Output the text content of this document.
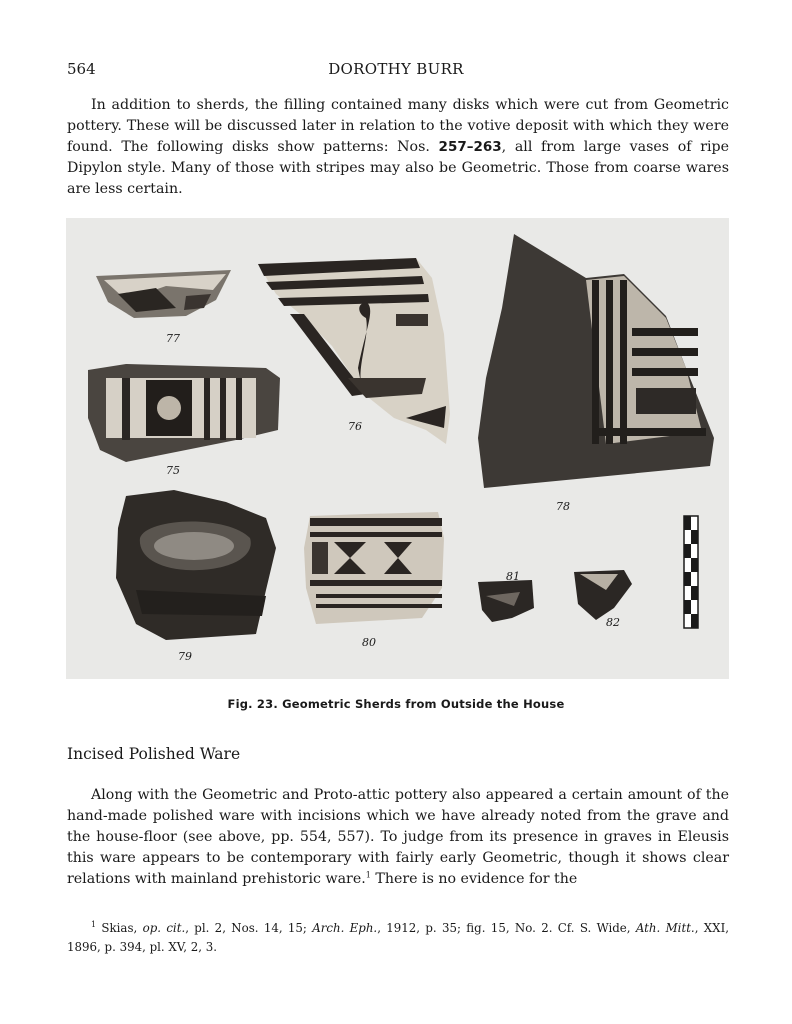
564	DOROTHY BURR

In addition to sherds, the filling contained many disks which were cut from Geometric pottery. These will be discussed later in relation to the votive deposit with which they were found. The following disks show patterns: Nos. 257–263, all from large vases of ripe Dipylon style. Many of those with stripes may also be Geometric. Those from coarse wares are less certain.

77
76
78
75
79
80
81
82
Fig. 23. Geometric Sherds from Outside the House
Incised Polished Ware

Along with the Geometric and Proto-attic pottery also appeared a certain amount of the hand-made polished ware with incisions which we have already noted from the grave and the house-floor (see above, pp. 554, 557). To judge from its presence in graves in Eleusis this ware appears to be contemporary with fairly early Geometric, though it shows clear relations with mainland prehistoric ware.$^1$ There is no evidence for the

$^1$ Skias, op. cit., pl. 2, Nos. 14, 15; Arch. Eph., 1912, p. 35; fig. 15, No. 2. Cf. S. Wide, Ath. Mitt., XXI, 1896, p. 394, pl. XV, 2, 3.
